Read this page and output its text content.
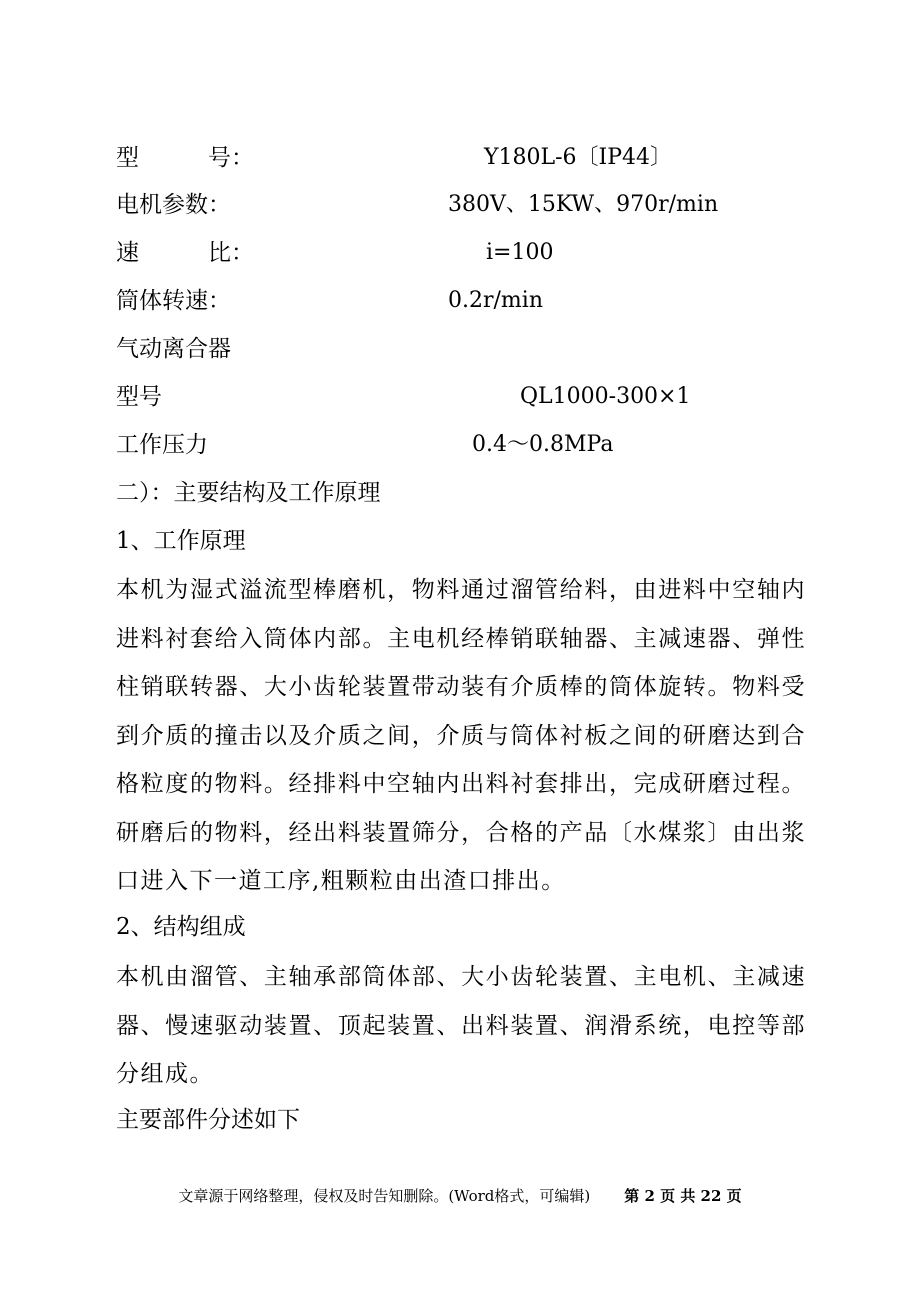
型　　　号：	Y180L-6〔IP44〕
电机参数：	380V、15KW、970r/min
速　　　比：	i=100
筒体转速：	0.2r/min
气动离合器
型号	QL1000-300×1
工作压力	0.4～0.8MPa
二）：主要结构及工作原理
1、工作原理

本机为湿式溢流型棒磨机，物料通过溜管给料，由进料中空轴内进料衬套给入筒体内部。主电机经棒销联轴器、主减速器、弹性柱销联转器、大小齿轮装置带动装有介质棒的筒体旋转。物料受到介质的撞击以及介质之间，介质与筒体衬板之间的研磨达到合格粒度的物料。经排料中空轴内出料衬套排出，完成研磨过程。研磨后的物料，经出料装置筛分，合格的产品〔水煤浆〕由出浆口进入下一道工序,粗颗粒由出渣口排出。

2、结构组成

本机由溜管、主轴承部筒体部、大小齿轮装置、主电机、主减速器、慢速驱动装置、顶起装置、出料装置、润滑系统，电控等部分组成。

主要部件分述如下
文章源于网络整理，侵权及时告知删除。(Word格式，可编辑) 第 2 页 共 22 页
